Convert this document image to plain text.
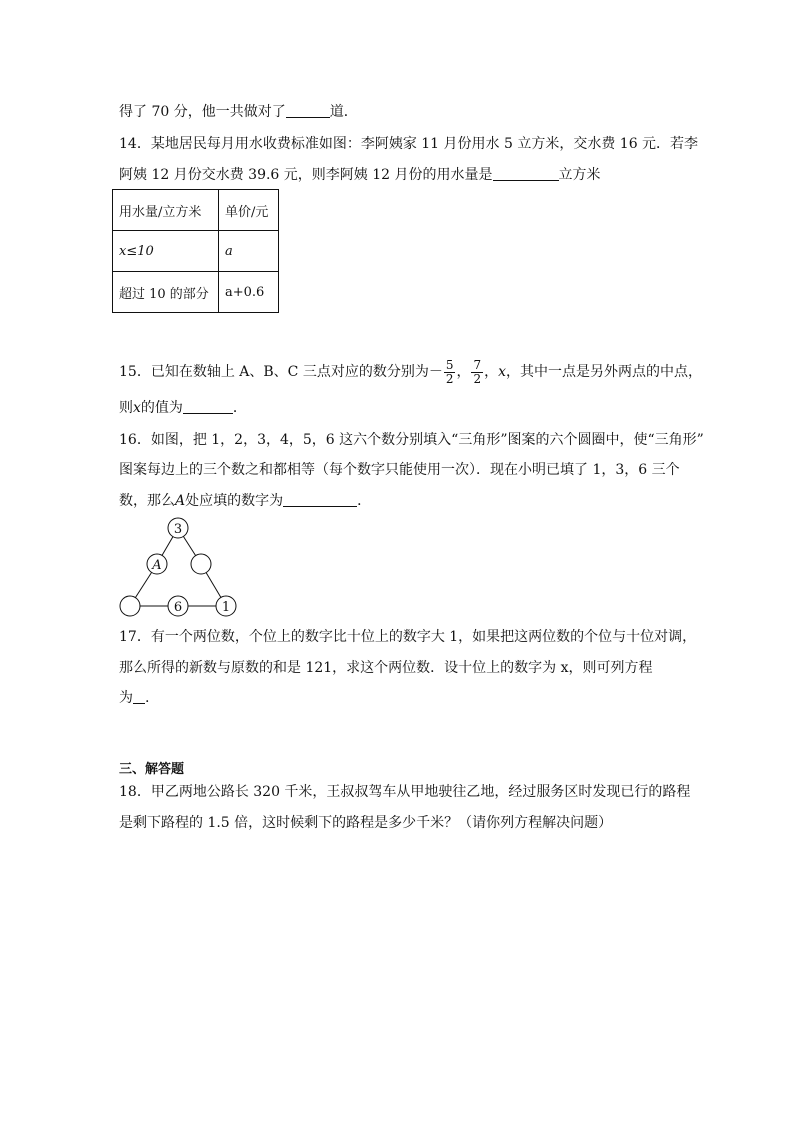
得了 70 分，他一共做对了	道．
14．某地居民每月用水收费标准如图：李阿姨家 11 月份用水 5 立方米，交水费 16 元．若李
阿姨 12 月份交水费 39.6 元，则李阿姨 12 月份的用水量是	立方米
用水量/立方米	单价/元
x≤10	a
超过 10 的部分	a+0.6
15．已知在数轴上 A、B、C 三点对应的数分别为－ $\frac{5}{2}$ ， $\frac{7}{2}$ ，x，其中一点是另外两点的中点，
则x的值为	．
16．如图，把 1，2，3，4，5，6 这六个数分别填入“三角形”图案的六个圆圈中，使“三角形”
图案每边上的三个数之和都相等（每个数字只能使用一次）．现在小明已填了 1，3，6 三个
数，那么A处应填的数字为	．
3
A
6	1
17．有一个两位数，个位上的数字比十位上的数字大 1，如果把这两位数的个位与十位对调，
那么所得的新数与原数的和是 121，求这个两位数．设十位上的数字为 x，则可列方程
为 .
三、解答题
18．甲乙两地公路长 320 千米，王叔叔驾车从甲地驶往乙地，经过服务区时发现已行的路程
是剩下路程的 1.5 倍，这时候剩下的路程是多少千米？（请你列方程解决问题）
